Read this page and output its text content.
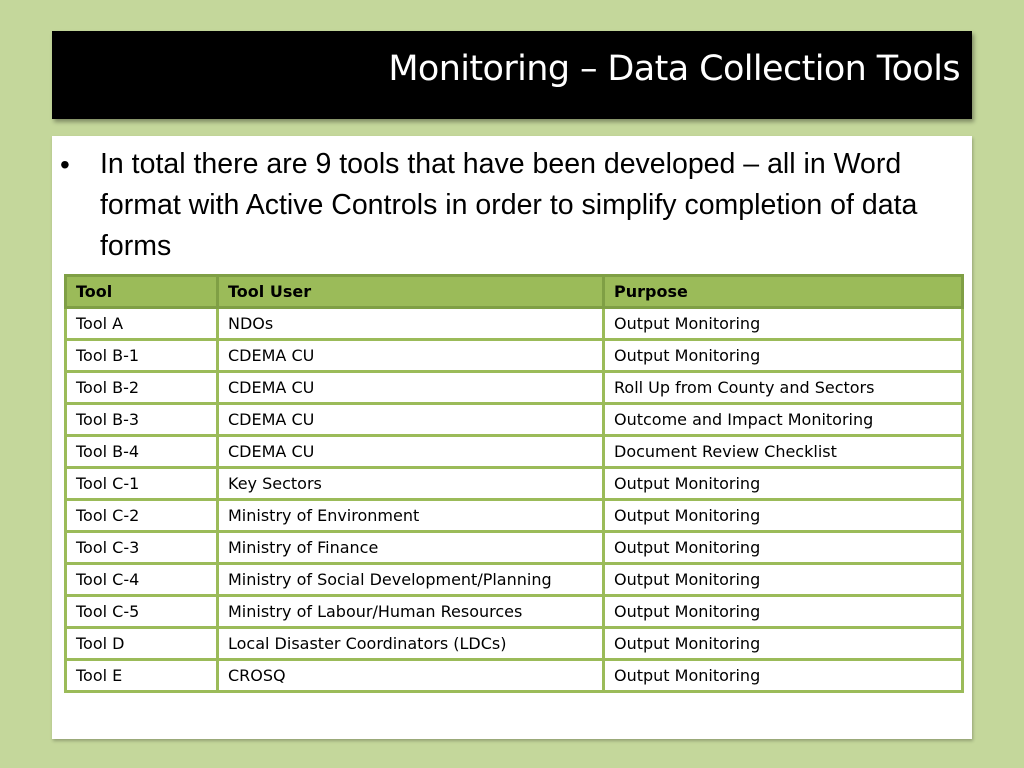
Monitoring – Data Collection Tools
•	In total there are 9 tools that have been developed – all in Word format with Active Controls in order to simplify completion of data forms
Tool	Tool User	Purpose
Tool A	NDOs	Output Monitoring
Tool B-1	CDEMA CU	Output Monitoring
Tool B-2	CDEMA CU	Roll Up from County and Sectors
Tool B-3	CDEMA CU	Outcome and Impact Monitoring
Tool B-4	CDEMA CU	Document Review Checklist
Tool C-1	Key Sectors	Output Monitoring
Tool C-2	Ministry of Environment	Output Monitoring
Tool C-3	Ministry of Finance	Output Monitoring
Tool C-4	Ministry of Social Development/Planning	Output Monitoring
Tool C-5	Ministry of Labour/Human Resources	Output Monitoring
Tool D	Local Disaster Coordinators (LDCs)	Output Monitoring
Tool E	CROSQ	Output Monitoring
